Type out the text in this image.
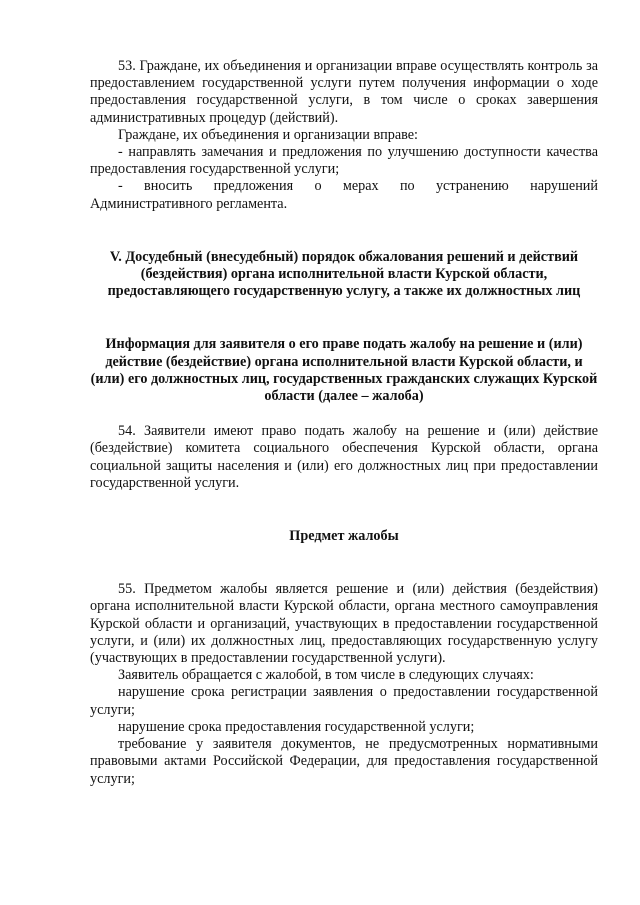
53. Граждане, их объединения и организации вправе осуществлять контроль за предоставлением государственной услуги путем получения информации о ходе предоставления государственной услуги, в том числе о сроках завершения административных процедур (действий).

Граждане, их объединения и организации вправе:

- направлять замечания и предложения по улучшению доступности качества предоставления государственной услуги;

- вносить предложения о мерах по устранению нарушений Административного регламента.

V. Досудебный (внесудебный) порядок обжалования решений и действий (бездействия) органа исполнительной власти Курской области, предоставляющего государственную услугу, а также их должностных лиц

Информация для заявителя о его праве подать жалобу на решение и (или) действие (бездействие) органа исполнительной власти Курской области, и (или) его должностных лиц, государственных гражданских служащих Курской области (далее – жалоба)

54. Заявители имеют право подать жалобу на решение и (или) действие (бездействие) комитета социального обеспечения Курской области, органа социальной защиты населения и (или) его должностных лиц при предоставлении государственной услуги.

Предмет жалобы

55. Предметом жалобы является решение и (или) действия (бездействия) органа исполнительной власти Курской области, органа местного самоуправления Курской области и организаций, участвующих в предоставлении государственной услуги, и (или) их должностных лиц, предоставляющих государственную услугу (участвующих в предоставлении государственной услуги).

Заявитель обращается с жалобой, в том числе в следующих случаях:

нарушение срока регистрации заявления о предоставлении государственной услуги;

нарушение срока предоставления государственной услуги;

требование у заявителя документов, не предусмотренных нормативными правовыми актами Российской Федерации, для предоставления государственной услуги;
